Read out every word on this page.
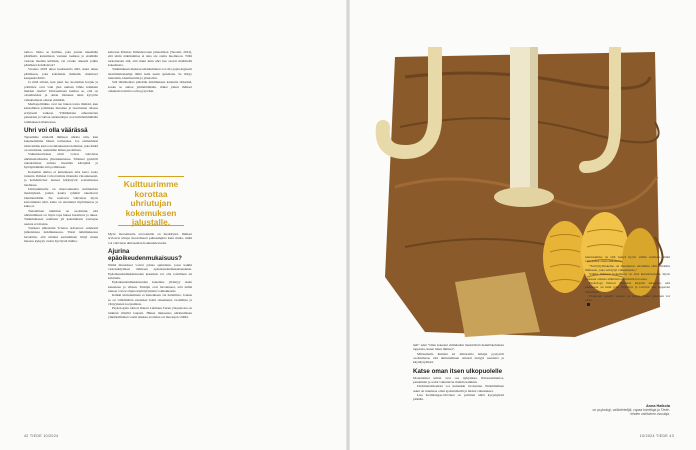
tamoo. Onko se hallitus, joka joutuu tekemään päätöksiä, kantamaan vastuun taakkaa ja etsimään vastaan median kritiikin, vai ovatko oikeasti jotkin päätökset kohdistuvat?

Vuonna 2018 alkoi keskustella sillä, kuka tekee päätöksen, joka kohdistuu ihmisiin; muuttuva kaupunki ilmiö.

Ja mitä silloin, kun juuri tuo luottamus horjuu ja poliitikot ovat vain yksi uutisen lähde kaikkien muiden ohella? Uhriasemaan kuuluu se, että on olosuhteiden ja oman tilanteen takia kyvytön vaikuttamaan omaan elämään.

Mediapoliitikko ovat tuo haken toista ihmistä, kun kansallinen politiikka muuttuu ja tasoitusten ollessa erityisesti vaikeaa. Ylilääkärien aiheuttavien paineiden ja vahvat asiantuntijat ovat kriittisimmillään toimiakseen tilanteessa.

Uhri voi olla väärässä

Tapaamme mielellä ihmisen uhrina niin, kun kuunnelemme hänen tarinaansa. Jos esimerkiksi tuttavamme kertoo kohdanneensa kohtelua, joka häntä on satuttanut, asetumme hänen puolelleen.

Vaikutusvaltaiset uhrit voivat vahvistaa uhrimentaliteettia yhteiskunnassa. Tällaiset pyrkivät rakentamaan tarinaa itsestään kärsijänä ja hyödyntämään sitä poliittisesti.

Kokemus uhrina ei kuitenkaan aina kerro koko totuutta. Ihmiset voivat tulkita tilanteita vinoutuneesti, ja kollektiiviset tunteet kärjistyvät sosiaalisessa mediassa.

Uhriutumisella on muotoutuneita kulttuurisia merkityksiä, joiden kautta ryhmät rakentavat identiteettiään. Ne saattavat vahvistaa myös kertomuksia siitä, kuka on ansainnut myötätuntoa ja kuka ei.

Tieteellinen tutkimus on osoittanut, että uhriutuminen on myös tapa hakea huomiota ja tukea. Tutkimukseen osallistui yli kaksituhatta vastaajaa useista eri maista.

Tulokset julkaistiin Science Advances -lehdessä julkaistussa tutkimuksessa. Tässä tutkimuksessa havaittiin, että uhriksi asettuminen liittyi muun muassa kykyyn vaatia hyvitystä muilta.

kahvaan Pahsias: Ihmishoronen pinnoillaan (Taeomi, 2022), että uhrin näkökulmaa ei aina ole otettu huomioon. Tällä tarkoitetaan sitä, että muut kuin uhri itse saavat määritellä kokemusta.

Tutkimuksen mukaan uhriutuminen voi olla psykologisesti monimutkaisempi ilmiö kuin usein ajatellaan. Se liittyy tunteisiin, identiteettiin ja yhteisöön.

Sitä lähtökohtaa pidettiin tutkimuksen kannalta tärkeänä, koska se auttaa ymmärtämään, miksi jotkut ihmiset omaksuvat uhrin roolin pysyvästi.

Kulttuurimme korottaa uhriutujan kokemuksen jalustalle.

Myös moraalisella arvostelulla on merkitystä. Ihmiset arvioivat uhreja moraalisesti puhtaampina kuin muita, mikä voi vahvistaa uhriaseman houkuttelevuutta.

Ajurina epäoikeudenmukaisuus?

Nämä muutokset voivat johtaa ajatteluun, jossa kaikki vastoinkäymiset tulkitaan epäoikeudenmukaisuudeksi. Epäoikeudenmukaisuuden kokemus voi olla todellinen tai kuviteltu.

Epäoikeudenmukaisuuden kokemus yhdistyy usein kateuteen ja vihaan. Tutkijat ovat havainneet, että nämä tunteet voivat ohjata käyttäytymistä voimakkaasti.

Kaikki uhriutuminen ei kuitenkaan ole haitallista. Joskus se on välttämätön ensiaskel kohti oikeuksien vaatimista ja vääryyksien korjaamista.

Psykologian tohtori Oskari Lahtinen Turun yliopistosta on tutkinut ilmiötä laajasti. Hänen mukaansa uhriutumisen ymmärtäminen vaatii tarkkaa erottelua eri muotojen välillä.

42 TIEDE 10/2024	10/2024 TIEDE 43

mät” sekä ”Olen kokenut elämässäni merkittäviä henkilökohtaisia tappioita, kuten muut ihmiset”.

Mittaamalla ihmisiä eri mittareilla tutkijat pystyivät osoittamaan, että uhriutuminen ennusti tiettyjä asenteita ja käyttäytymistä.

Katse oman itsen ulkopuolelle

Monenlaiset kriisit ovat osa nykyaikaa. Ilmastonmuutos, pandemiat ja sodat vaikuttavat meihin kaikkiin.

Uhrimentaliteetista voi kuitenkin irrottautua. Ensimmäinen askel on tunnistaa omat ajattelumallit ja niiden vaikutukset.

Lisa Keltikangas-Järvinen on pohtinut näitä kysymyksiä pitkään.

tuurissamme on tätä nykyä hyvin vähän sellaista, mikä vahvistaisi omatoimisuutta.

”Selviytymiskeino on muuttunut. Aiemmin sillä viitattiin ihmiseen, joka selviytyi vaikeuksista.”

Vaikka ihmisen kokemusta on aina kunnioitettava, myös vastuuta omasta elämästä on tärkeää korostaa.

Psykologi Nelson Mandela kirjoitti aikanaan, että katkeruus on kuin joisi myrkkyä ja toivoisi sen tappavan vihollisen.

Elokuvan sanoin: vapaus on jotain, jonka jokainen voi ottaa.

Anna Halkola
on psykologi, valtiotieteilijä, vapaa toimittaja ja Tiede-lehden vakituinen avustaja.
